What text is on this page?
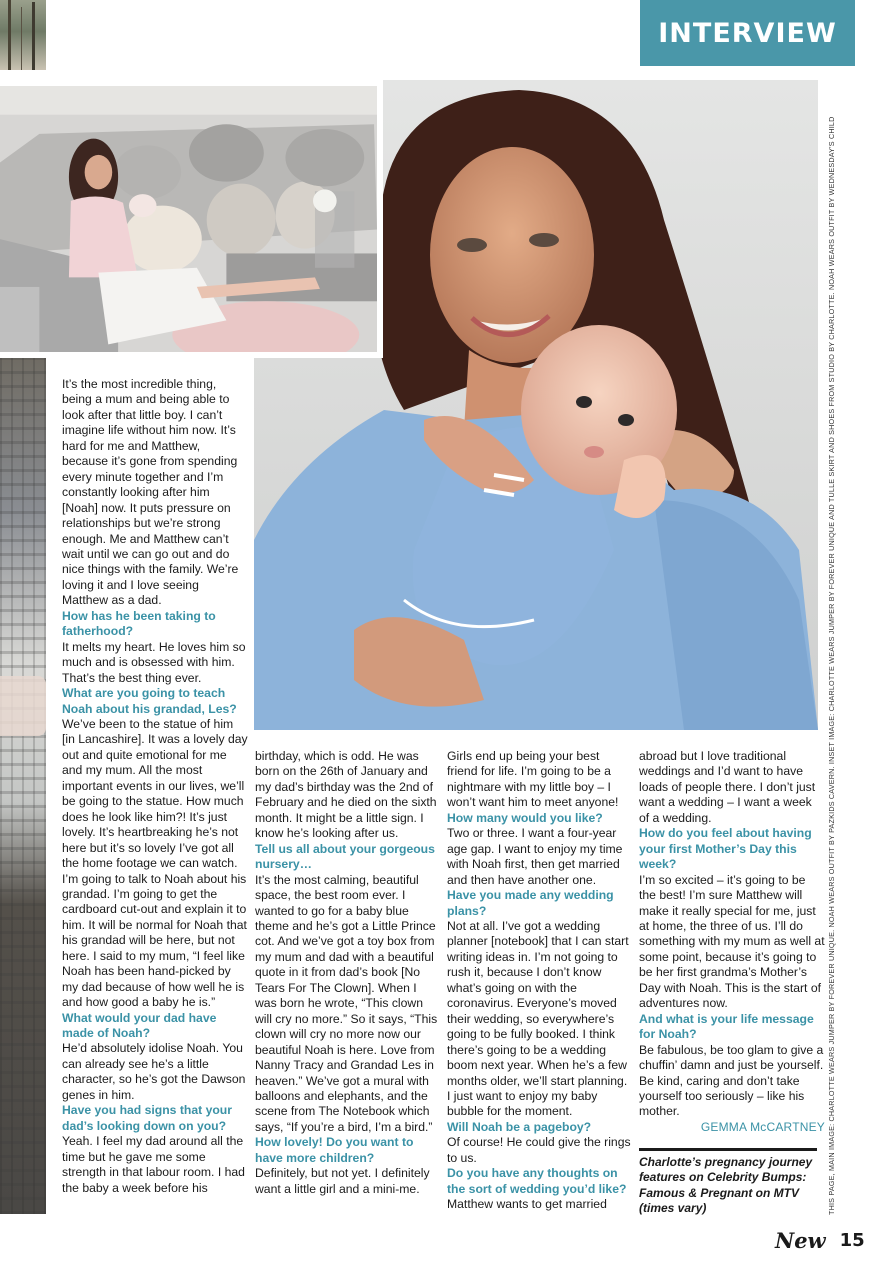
INTERVIEW
THIS PAGE, MAIN IMAGE: CHARLOTTE WEARS JUMPER BY FOREVER UNIQUE. NOAH WEARS OUTFIT BY PAZKIDS CAVERN. INSET IMAGE: CHARLOTTE WEARS JUMPER BY FOREVER UNIQUE AND TULLE SKIRT AND SHOES FROM STUDIO BY CHARLOTTE. NOAH WEARS OUTFIT BY WEDNESDAY'S CHILD

It’s the most incredible thing, being a mum and being able to look after that little boy. I can’t imagine life without him now. It’s hard for me and Matthew, because it’s gone from spending every minute together and I’m constantly looking after him [Noah] now. It puts pressure on relationships but we’re strong enough. Me and Matthew can’t wait until we can go out and do nice things with the family. We’re loving it and I love seeing Matthew as a dad.

How has he been taking to fatherhood?

It melts my heart. He loves him so much and is obsessed with him. That’s the best thing ever.

What are you going to teach Noah about his grandad, Les?

We’ve been to the statue of him [in Lancashire]. It was a lovely day out and quite emotional for me and my mum. All the most important events in our lives, we’ll be going to the statue. How much does he look like him?! It’s just lovely. It’s heartbreaking he’s not here but it’s so lovely I’ve got all the home footage we can watch. I’m going to talk to Noah about his grandad. I’m going to get the cardboard cut-out and explain it to him. It will be normal for Noah that his grandad will be here, but not here. I said to my mum, “I feel like Noah has been hand-picked by my dad because of how well he is and how good a baby he is.”

What would your dad have made of Noah?

He’d absolutely idolise Noah. You can already see he’s a little character, so he’s got the Dawson genes in him.

Have you had signs that your dad’s looking down on you?

Yeah. I feel my dad around all the time but he gave me some strength in that labour room. I had the baby a week before his

birthday, which is odd. He was born on the 26th of January and my dad’s birthday was the 2nd of February and he died on the sixth month. It might be a little sign. I know he’s looking after us.

Tell us all about your gorgeous nursery…

It’s the most calming, beautiful space, the best room ever. I wanted to go for a baby blue theme and he’s got a Little Prince cot. And we’ve got a toy box from my mum and dad with a beautiful quote in it from dad’s book [No Tears For The Clown]. When I was born he wrote, “This clown will cry no more.” So it says, “This clown will cry no more now our beautiful Noah is here. Love from Nanny Tracy and Grandad Les in heaven.” We’ve got a mural with balloons and elephants, and the scene from The Notebook which says, “If you’re a bird, I’m a bird.”

How lovely! Do you want to have more children?

Definitely, but not yet. I definitely want a little girl and a mini-me.

Girls end up being your best friend for life. I’m going to be a nightmare with my little boy – I won’t want him to meet anyone!

How many would you like?

Two or three. I want a four-year age gap. I want to enjoy my time with Noah first, then get married and then have another one.

Have you made any wedding plans?

Not at all. I’ve got a wedding planner [notebook] that I can start writing ideas in. I’m not going to rush it, because I don’t know what’s going on with the coronavirus. Everyone’s moved their wedding, so everywhere’s going to be fully booked. I think there’s going to be a wedding boom next year. When he’s a few months older, we’ll start planning. I just want to enjoy my baby bubble for the moment.

Will Noah be a pageboy?

Of course! He could give the rings to us.

Do you have any thoughts on the sort of wedding you’d like?

Matthew wants to get married

abroad but I love traditional weddings and I’d want to have loads of people there. I don’t just want a wedding – I want a week of a wedding.

How do you feel about having your first Mother’s Day this week?

I’m so excited – it’s going to be the best! I’m sure Matthew will make it really special for me, just at home, the three of us. I’ll do something with my mum as well at some point, because it’s going to be her first grandma’s Mother’s Day with Noah. This is the start of adventures now.

And what is your life message for Noah?

Be fabulous, be too glam to give a chuffin’ damn and just be yourself. Be kind, caring and don’t take yourself too seriously – like his mother.

GEMMA McCARTNEY

Charlotte’s pregnancy journey features on Celebrity Bumps: Famous & Pregnant on MTV (times vary)
New 15
